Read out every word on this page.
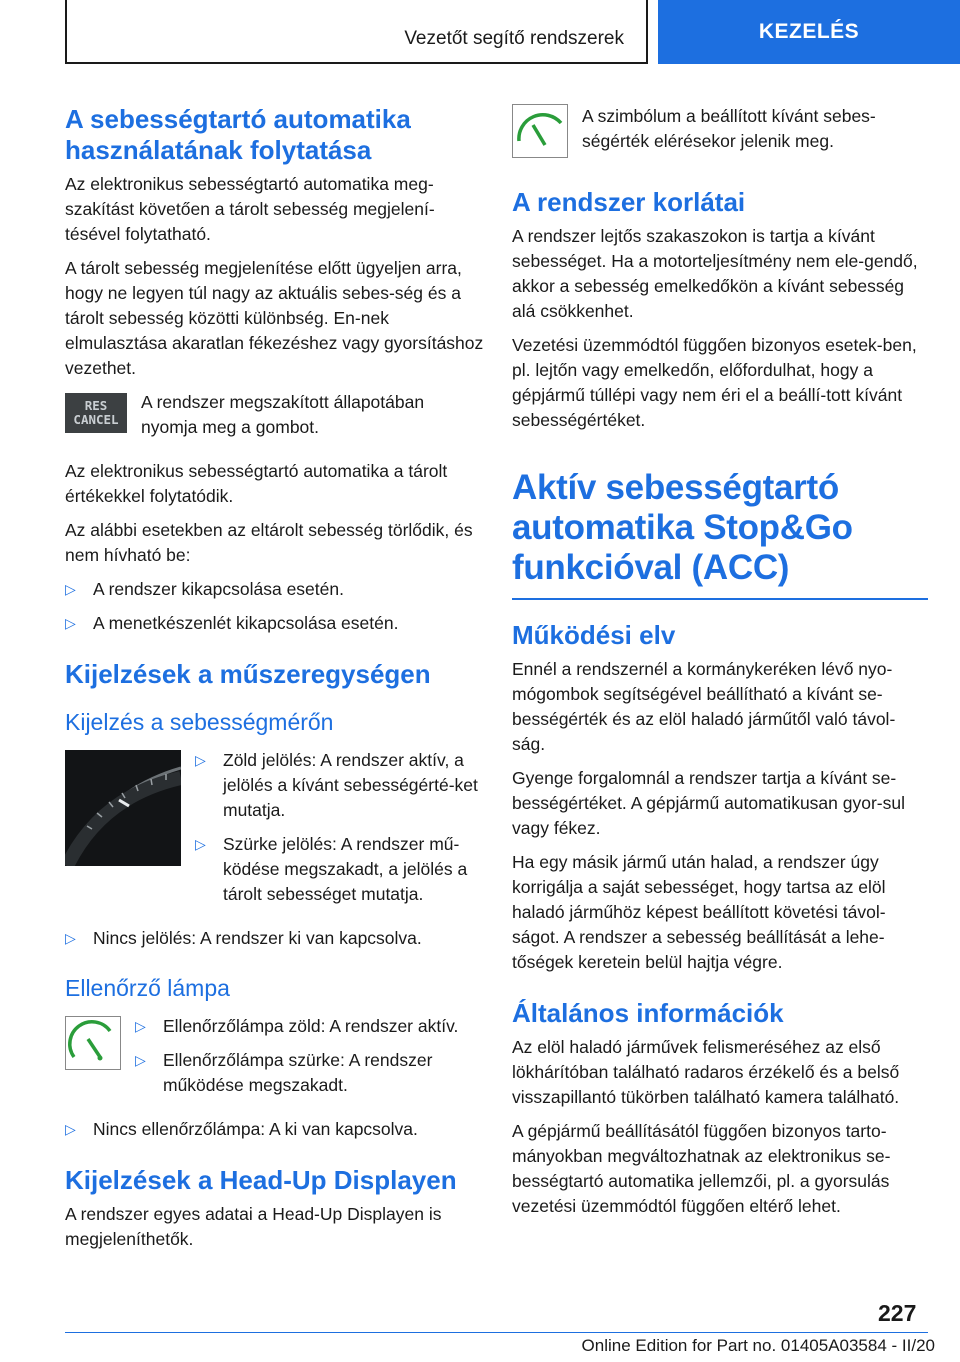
Vezetőt segítő rendszerek	KEZELÉS
A sebességtartó automatika használatának folytatása

Az elektronikus sebességtartó automatika meg-szakítást követően a tárolt sebesség megjelení-tésével folytatható.

A tárolt sebesség megjelenítése előtt ügyeljen arra, hogy ne legyen túl nagy az aktuális sebes-ség és a tárolt sebesség közötti különbség. En-nek elmulasztása akaratlan fékezéshez vagy gyorsításhoz vezethet.

RES
CANCEL

A rendszer megszakított állapotában nyomja meg a gombot.

Az elektronikus sebességtartó automatika a tárolt értékekkel folytatódik.

Az alábbi esetekben az eltárolt sebesség törlődik, és nem hívható be:

▷ A rendszer kikapcsolása esetén.
▷ A menetkészenlét kikapcsolása esetén.
Kijelzések a műszeregységen
Kijelzés a sebességmérőn
▷ Zöld jelölés: A rendszer aktív, a jelölés a kívánt sebességérté-ket mutatja.
▷ Szürke jelölés: A rendszer mű-ködése megszakadt, a jelölés a tárolt sebességet mutatja.
▷ Nincs jelölés: A rendszer ki van kapcsolva.
Ellenőrző lámpa
▷ Ellenőrzőlámpa zöld: A rendszer aktív.
▷ Ellenőrzőlámpa szürke: A rendszer működése megszakadt.
▷ Nincs ellenőrzőlámpa: A ki van kapcsolva.
Kijelzések a Head-Up Displayen

A rendszer egyes adatai a Head-Up Displayen is megjeleníthetők.

A szimbólum a beállított kívánt sebes-ségérték elérésekor jelenik meg.

A rendszer korlátai

A rendszer lejtős szakaszokon is tartja a kívánt sebességet. Ha a motorteljesítmény nem ele-gendő, akkor a sebesség emelkedőkön a kívánt sebesség alá csökkenhet.

Vezetési üzemmódtól függően bizonyos esetek-ben, pl. lejtőn vagy emelkedőn, előfordulhat, hogy a gépjármű túllépi vagy nem éri el a beállí-tott kívánt sebességértéket.

Aktív sebességtartó automatika Stop&Go funkcióval (ACC)
Működési elv

Ennél a rendszernél a kormánykeréken lévő nyo-mógombok segítségével beállítható a kívánt se-bességérték és az elöl haladó járműtől való távol-ság.

Gyenge forgalomnál a rendszer tartja a kívánt se-bességértéket. A gépjármű automatikusan gyor-sul vagy fékez.

Ha egy másik jármű után halad, a rendszer úgy korrigálja a saját sebességet, hogy tartsa az elöl haladó járműhöz képest beállított követési távol-ságot. A rendszer a sebesség beállítását a lehe-tőségek keretein belül hajtja végre.

Általános információk

Az elöl haladó járművek felismeréséhez az első lökhárítóban található radaros érzékelő és a belső visszapillantó tükörben található kamera található.

A gépjármű beállításától függően bizonyos tarto-mányokban megváltozhatnak az elektronikus se-bességtartó automatika jellemzői, pl. a gyorsulás vezetési üzemmódtól függően eltérő lehet.

227
Online Edition for Part no. 01405A03584 - II/20
